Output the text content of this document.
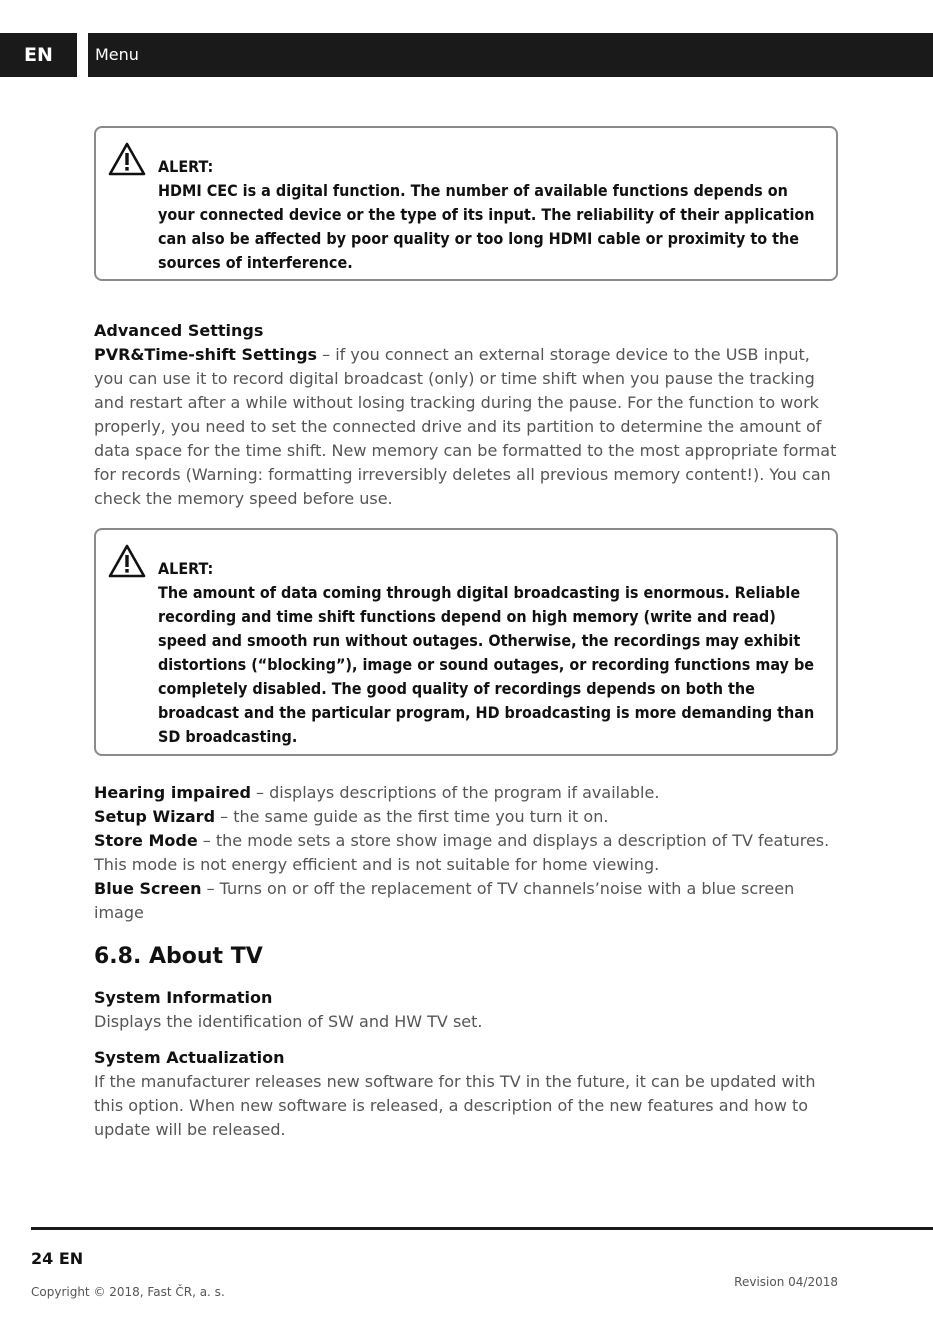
EN	Menu

ALERT:

HDMI CEC is a digital function. The number of available functions depends on your connected device or the type of its input. The reliability of their application can also be affected by poor quality or too long HDMI cable or proximity to the sources of interference.

Advanced Settings

PVR&Time-shift Settings – if you connect an external storage device to the USB input, you can use it to record digital broadcast (only) or time shift when you pause the tracking and restart after a while without losing tracking during the pause. For the function to work properly, you need to set the connected drive and its partition to determine the amount of data space for the time shift. New memory can be formatted to the most appropriate format for records (Warning: formatting irreversibly deletes all previous memory content!). You can check the memory speed before use.

ALERT:

The amount of data coming through digital broadcasting is enormous. Reliable recording and time shift functions depend on high memory (write and read) speed and smooth run without outages. Otherwise, the recordings may exhibit distortions (“blocking”), image or sound outages, or recording functions may be completely disabled. The good quality of recordings depends on both the broadcast and the particular program, HD broadcasting is more demanding than SD broadcasting.

Hearing impaired – displays descriptions of the program if available.

Setup Wizard – the same guide as the first time you turn it on.

Store Mode – the mode sets a store show image and displays a description of TV features. This mode is not energy efficient and is not suitable for home viewing.

Blue Screen – Turns on or off the replacement of TV channels’noise with a blue screen image

6.8. About TV

System Information

Displays the identification of SW and HW TV set.

System Actualization

If the manufacturer releases new software for this TV in the future, it can be updated with this option. When new software is released, a description of the new features and how to update will be released.

24 EN
Copyright © 2018, Fast ČR, a. s.
Revision 04/2018
